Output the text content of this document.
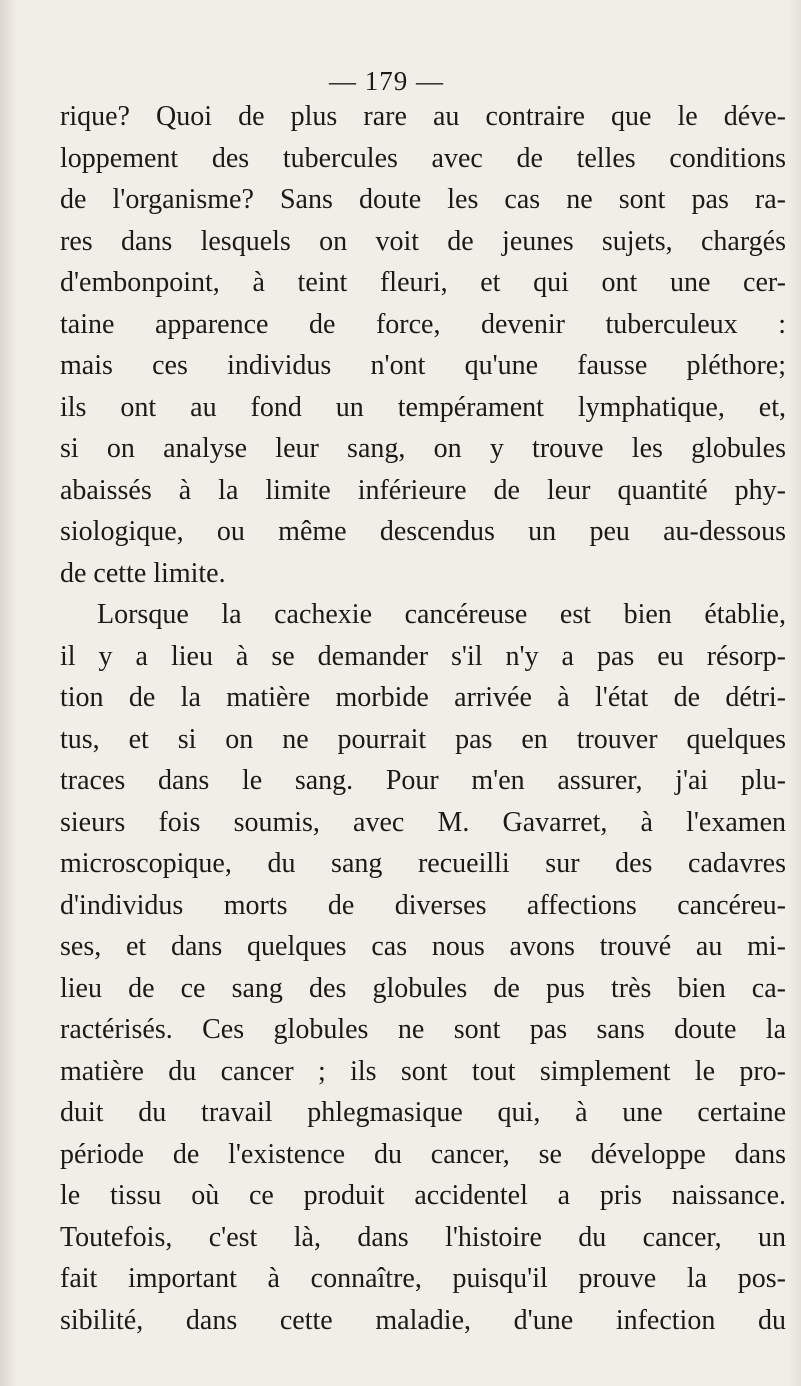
— 179 —
rique? Quoi de plus rare au contraire que le déve-
loppement des tubercules avec de telles conditions
de l'organisme? Sans doute les cas ne sont pas ra-
res dans lesquels on voit de jeunes sujets, chargés
d'embonpoint, à teint fleuri, et qui ont une cer-
taine apparence de force, devenir tuberculeux :
mais ces individus n'ont qu'une fausse pléthore;
ils ont au fond un tempérament lymphatique, et,
si on analyse leur sang, on y trouve les globules
abaissés à la limite inférieure de leur quantité phy-
siologique, ou même descendus un peu au-dessous
de cette limite.
Lorsque la cachexie cancéreuse est bien établie,
il y a lieu à se demander s'il n'y a pas eu résorp-
tion de la matière morbide arrivée à l'état de détri-
tus, et si on ne pourrait pas en trouver quelques
traces dans le sang. Pour m'en assurer, j'ai plu-
sieurs fois soumis, avec M. Gavarret, à l'examen
microscopique, du sang recueilli sur des cadavres
d'individus morts de diverses affections cancéreu-
ses, et dans quelques cas nous avons trouvé au mi-
lieu de ce sang des globules de pus très bien ca-
ractérisés. Ces globules ne sont pas sans doute la
matière du cancer ; ils sont tout simplement le pro-
duit du travail phlegmasique qui, à une certaine
période de l'existence du cancer, se développe dans
le tissu où ce produit accidentel a pris naissance.
Toutefois, c'est là, dans l'histoire du cancer, un
fait important à connaître, puisqu'il prouve la pos-
sibilité, dans cette maladie, d'une infection du
